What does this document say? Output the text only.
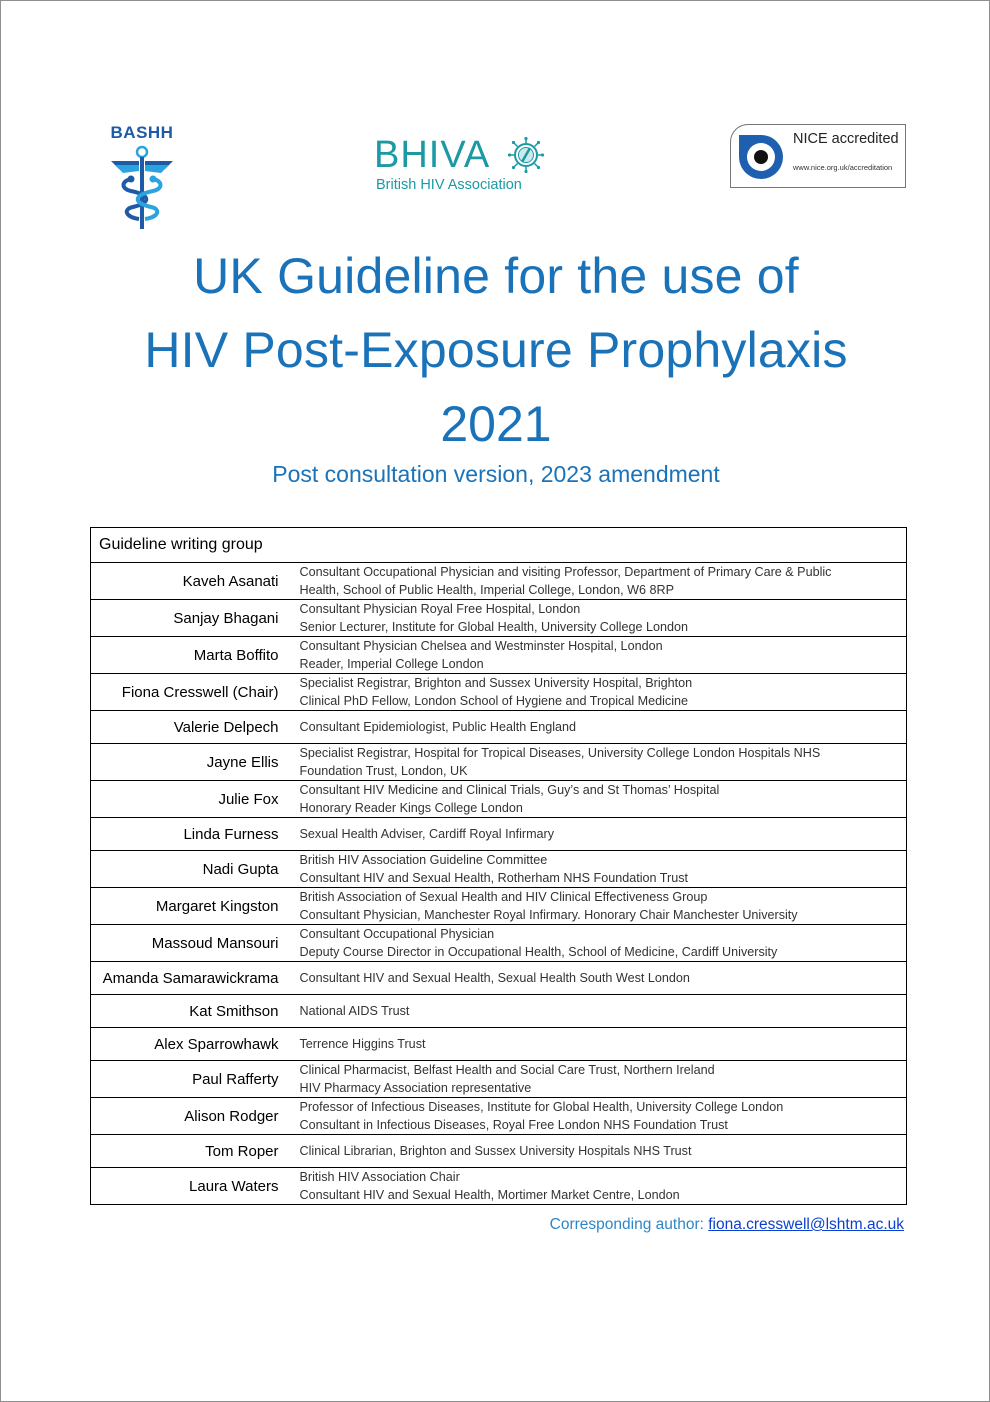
BASHH
BHIVA
British HIV Association
NICE accredited
www.nice.org.uk/accreditation
UK Guideline for the use of
HIV Post-Exposure Prophylaxis
2021
Post consultation version, 2023 amendment
Guideline writing group	
Kaveh Asanati	Consultant Occupational Physician and visiting Professor, Department of Primary Care & Public
Health, School of Public Health, Imperial College, London, W6 8RP

Sanjay Bhagani	Consultant Physician Royal Free Hospital, London
Senior Lecturer, Institute for Global Health, University College London

Marta Boffito	Consultant Physician Chelsea and Westminster Hospital, London
Reader, Imperial College London

Fiona Cresswell (Chair)	Specialist Registrar, Brighton and Sussex University Hospital, Brighton
Clinical PhD Fellow, London School of Hygiene and Tropical Medicine

Valerie Delpech	Consultant Epidemiologist, Public Health England

Jayne Ellis	Specialist Registrar, Hospital for Tropical Diseases, University College London Hospitals NHS
Foundation Trust, London, UK

Julie Fox	Consultant HIV Medicine and Clinical Trials, Guy’s and St Thomas’ Hospital
Honorary Reader Kings College London

Linda Furness	Sexual Health Adviser, Cardiff Royal Infirmary

Nadi Gupta	British HIV Association Guideline Committee
Consultant HIV and Sexual Health, Rotherham NHS Foundation Trust

Margaret Kingston	British Association of Sexual Health and HIV Clinical Effectiveness Group
Consultant Physician, Manchester Royal Infirmary. Honorary Chair Manchester University

Massoud Mansouri	Consultant Occupational Physician
Deputy Course Director in Occupational Health, School of Medicine, Cardiff University

Amanda Samarawickrama	Consultant HIV and Sexual Health, Sexual Health South West London

Kat Smithson	National AIDS Trust

Alex Sparrowhawk	Terrence Higgins Trust

Paul Rafferty	Clinical Pharmacist, Belfast Health and Social Care Trust, Northern Ireland
HIV Pharmacy Association representative

Alison Rodger	Professor of Infectious Diseases, Institute for Global Health, University College London
Consultant in Infectious Diseases, Royal Free London NHS Foundation Trust

Tom Roper	Clinical Librarian, Brighton and Sussex University Hospitals NHS Trust

Laura Waters	British HIV Association Chair
Consultant HIV and Sexual Health, Mortimer Market Centre, London
Corresponding author: fiona.cresswell@lshtm.ac.uk
